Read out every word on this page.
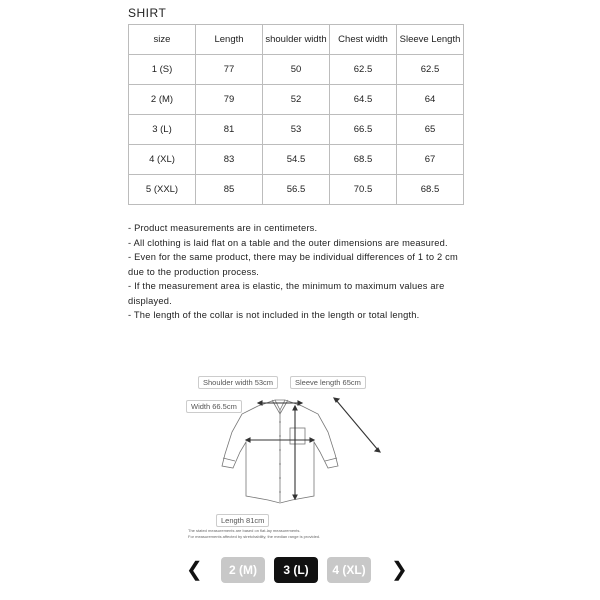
SHIRT
size	Length	shoulder width	Chest width	Sleeve Length
1 (S)	77	50	62.5	62.5
2 (M)	79	52	64.5	64
3 (L)	81	53	66.5	65
4 (XL)	83	54.5	68.5	67
5 (XXL)	85	56.5	70.5	68.5

- Product measurements are in centimeters.

- All clothing is laid flat on a table and the outer dimensions are measured.

- Even for the same product, there may be individual differences of 1 to 2 cm due to the production process.

- If the measurement area is elastic, the minimum to maximum values are displayed.

- The length of the collar is not included in the length or total length.

Shoulder width 53cm	Sleeve length 65cm
Width 66.5cm
Length 81cm
The stated measurements are based on flat-lay measurements.
For measurements affected by stretchability, the median range is provided.
❮	2 (M)	3 (L)	4 (XL) ❯
